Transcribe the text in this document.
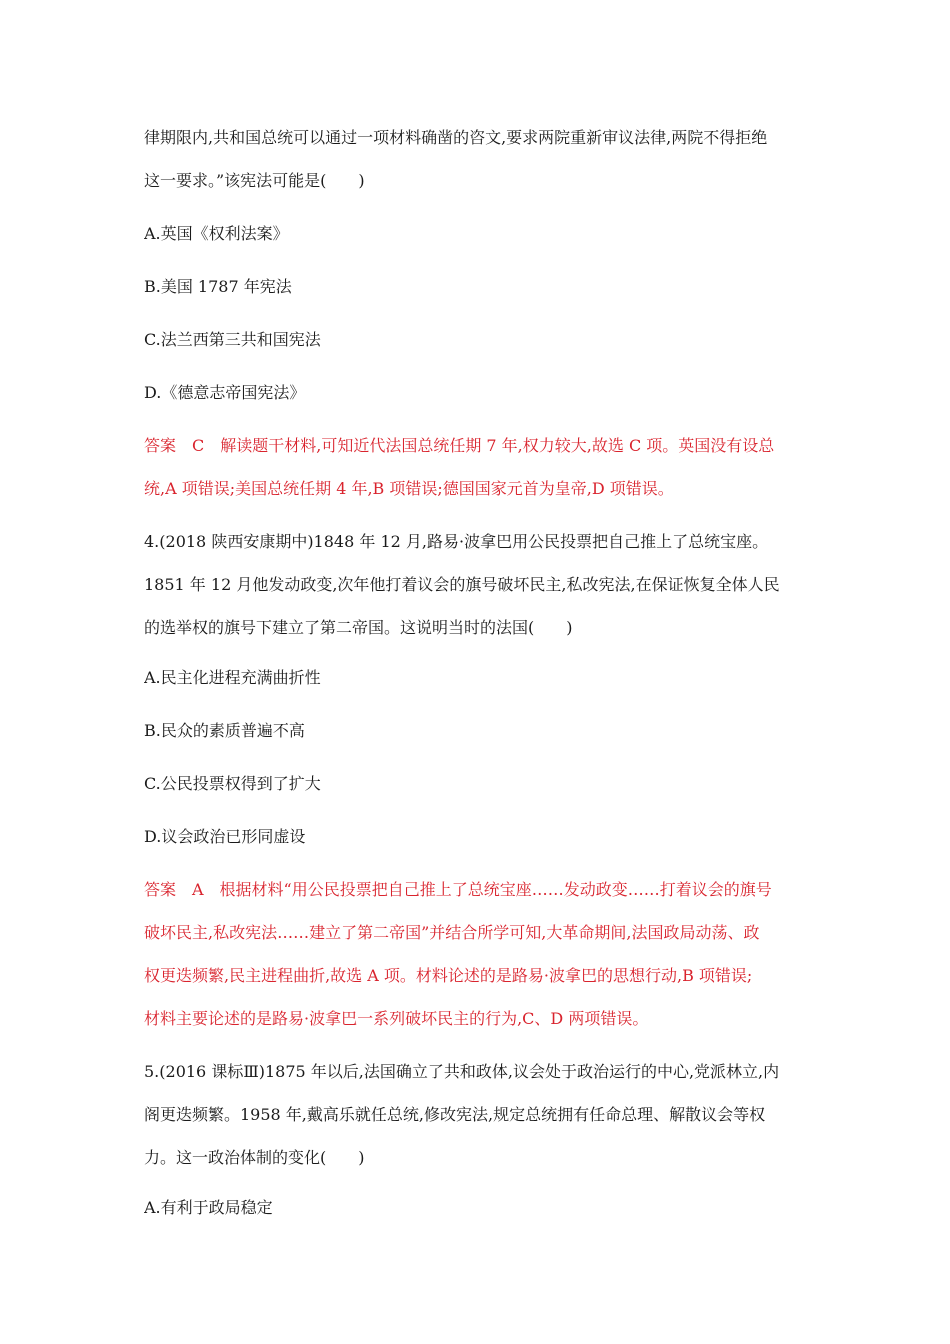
律期限内,共和国总统可以通过一项材料确凿的咨文,要求两院重新审议法律,两院不得拒绝
这一要求。”该宪法可能是(　　)
A.英国《权利法案》
B.美国 1787 年宪法
C.法兰西第三共和国宪法
D.《德意志帝国宪法》
答案　C　解读题干材料,可知近代法国总统任期 7 年,权力较大,故选 C 项。英国没有设总
统,A 项错误;美国总统任期 4 年,B 项错误;德国国家元首为皇帝,D 项错误。
4.(2018 陕西安康期中)1848 年 12 月,路易·波拿巴用公民投票把自己推上了总统宝座。
1851 年 12 月他发动政变,次年他打着议会的旗号破坏民主,私改宪法,在保证恢复全体人民
的选举权的旗号下建立了第二帝国。这说明当时的法国(　　)
A.民主化进程充满曲折性
B.民众的素质普遍不高
C.公民投票权得到了扩大
D.议会政治已形同虚设
答案　A　根据材料“用公民投票把自己推上了总统宝座……发动政变……打着议会的旗号
破坏民主,私改宪法……建立了第二帝国”并结合所学可知,大革命期间,法国政局动荡、政
权更迭频繁,民主进程曲折,故选 A 项。材料论述的是路易·波拿巴的思想行动,B 项错误;
材料主要论述的是路易·波拿巴一系列破坏民主的行为,C、D 两项错误。
5.(2016 课标Ⅲ)1875 年以后,法国确立了共和政体,议会处于政治运行的中心,党派林立,内
阁更迭频繁。1958 年,戴高乐就任总统,修改宪法,规定总统拥有任命总理、解散议会等权
力。这一政治体制的变化(　　)
A.有利于政局稳定
